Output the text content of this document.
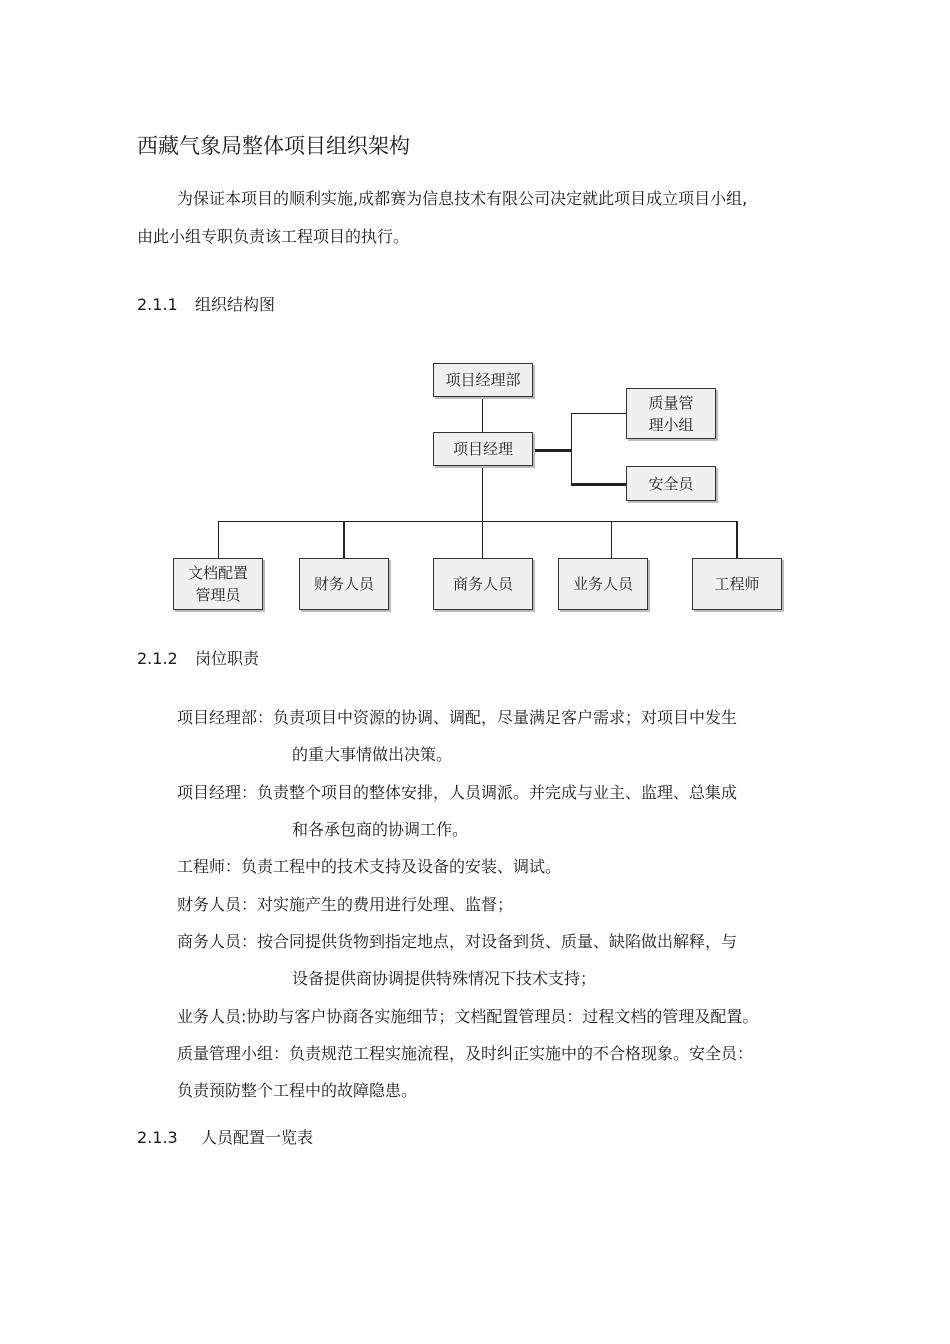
西藏气象局整体项目组织架构
为保证本项目的顺利实施,成都赛为信息技术有限公司决定就此项目成立项目小组,
由此小组专职负责该工程项目的执行。
2.1.1 组织结构图
项目经理部
项目经理
质量管
理小组
安全员
文档配置
管理员
财务人员	商务人员	业务人员	工程师
2.1.2 岗位职责
项目经理部：负责项目中资源的协调、调配，尽量满足客户需求；对项目中发生
的重大事情做出决策。
项目经理：负责整个项目的整体安排，人员调派。并完成与业主、监理、总集成
和各承包商的协调工作。
工程师：负责工程中的技术支持及设备的安装、调试。
财务人员：对实施产生的费用进行处理、监督；
商务人员：按合同提供货物到指定地点，对设备到货、质量、缺陷做出解释，与
设备提供商协调提供特殊情况下技术支持；
业务人员:协助与客户协商各实施细节；文档配置管理员：过程文档的管理及配置。
质量管理小组：负责规范工程实施流程，及时纠正实施中的不合格现象。安全员：
负责预防整个工程中的故障隐患。
2.1.3 人员配置一览表
